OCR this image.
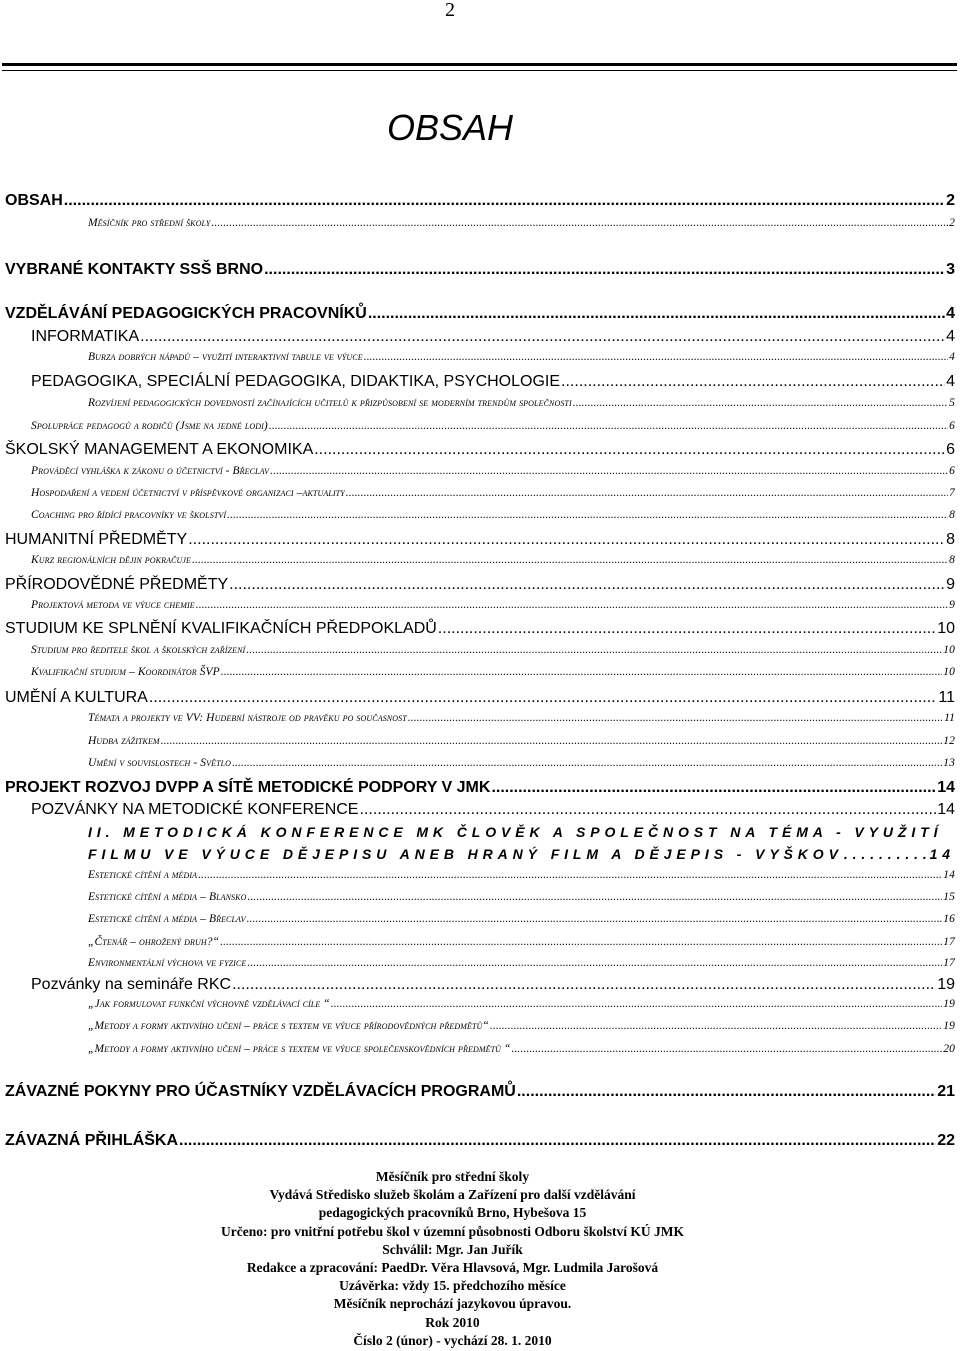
2
OBSAH
OBSAH .....	2
Měsíčník pro střední školy .....	2
VYBRANÉ KONTAKTY SSŠ BRNO .....	3
VZDĚLÁVÁNÍ PEDAGOGICKÝCH PRACOVNÍKŮ .....	4
INFORMATIKA .....	4
Burza dobrých nápadů – využití interaktivní tabule ve výuce .....	4
PEDAGOGIKA, SPECIÁLNÍ PEDAGOGIKA, DIDAKTIKA, PSYCHOLOGIE .....	4
Rozvíjení pedagogických dovedností začínajících učitelů k přizpůsobení se moderním trendům společnosti .....	5
Spolupráce pedagogů a rodičů (Jsme na jedné lodi) .....	6
ŠKOLSKÝ MANAGEMENT A EKONOMIKA .....	6
Prováděcí vyhláška k zákonu o účetnictví - Břeclav .....	6
Hospodaření a vedení účetnictví v příspěvkové organizaci –aktuality .....	7
Coaching pro řídící pracovníky ve školství .....	8
HUMANITNÍ PŘEDMĚTY .....	8
Kurz regionálních dějin pokračuje .....	8
PŘÍRODOVĚDNÉ PŘEDMĚTY .....	9
Projektová metoda ve výuce chemie .....	9
STUDIUM KE SPLNĚNÍ KVALIFIKAČNÍCH PŘEDPOKLADŮ .....	10
Studium pro ředitele škol a školských zařízení .....	10
Kvalifikační studium – Koordinátor ŠVP .....	10
UMĚNÍ A KULTURA .....	11
Témata a projekty ve VV: Hudební nástroje od pravěku po současnost .....	11
Hudba zážitkem .....	12
Umění v souvislostech - Světlo .....	13
PROJEKT ROZVOJ DVPP A SÍTĚ METODICKÉ PODPORY V JMK .....	14
POZVÁNKY NA METODICKÉ KONFERENCE .....	14
II. METODICKÁ KONFERENCE MK ČLOVĚK A SPOLEČNOST NA TÉMA - VYUŽITÍ
FILMU VE VÝUCE DĚJEPISU ANEB HRANÝ FILM A DĚJEPIS - VYŠKOV .....	14
Estetické cítění a média .....	14
Estetické cítění a média – Blansko .....	15
Estetické cítění a média – Břeclav .....	16
„Čtenář – ohrožený druh?“ .....	17
Environmentální výchova ve fyzice .....	17
Pozvánky na semináře RKC .....	19
„Jak formulovat funkční výchovně vzdělávací cíle “ .....	19
„Metody a formy aktivního učení – práce s textem ve výuce přírodovědných předmětů“ .....	19
„Metody a formy aktivního učení – práce s textem ve výuce společenskovědních předmětů “ .....	20
ZÁVAZNÉ POKYNY PRO ÚČASTNÍKY VZDĚLÁVACÍCH PROGRAMŮ .....	21
ZÁVAZNÁ PŘIHLÁŠKA .....	22
Měsíčník pro střední školy
Vydává Středisko služeb školám a Zařízení pro další vzdělávání
pedagogických pracovníků Brno, Hybešova 15
Určeno: pro vnitřní potřebu škol v územní působnosti Odboru školství KÚ JMK
Schválil: Mgr. Jan Juřík
Redakce a zpracování: PaedDr. Věra Hlavsová, Mgr. Ludmila Jarošová
Uzávěrka: vždy 15. předchozího měsíce
Měsíčník neprochází jazykovou úpravou.
Rok 2010
Číslo 2 (únor) - vychází 28. 1. 2010
